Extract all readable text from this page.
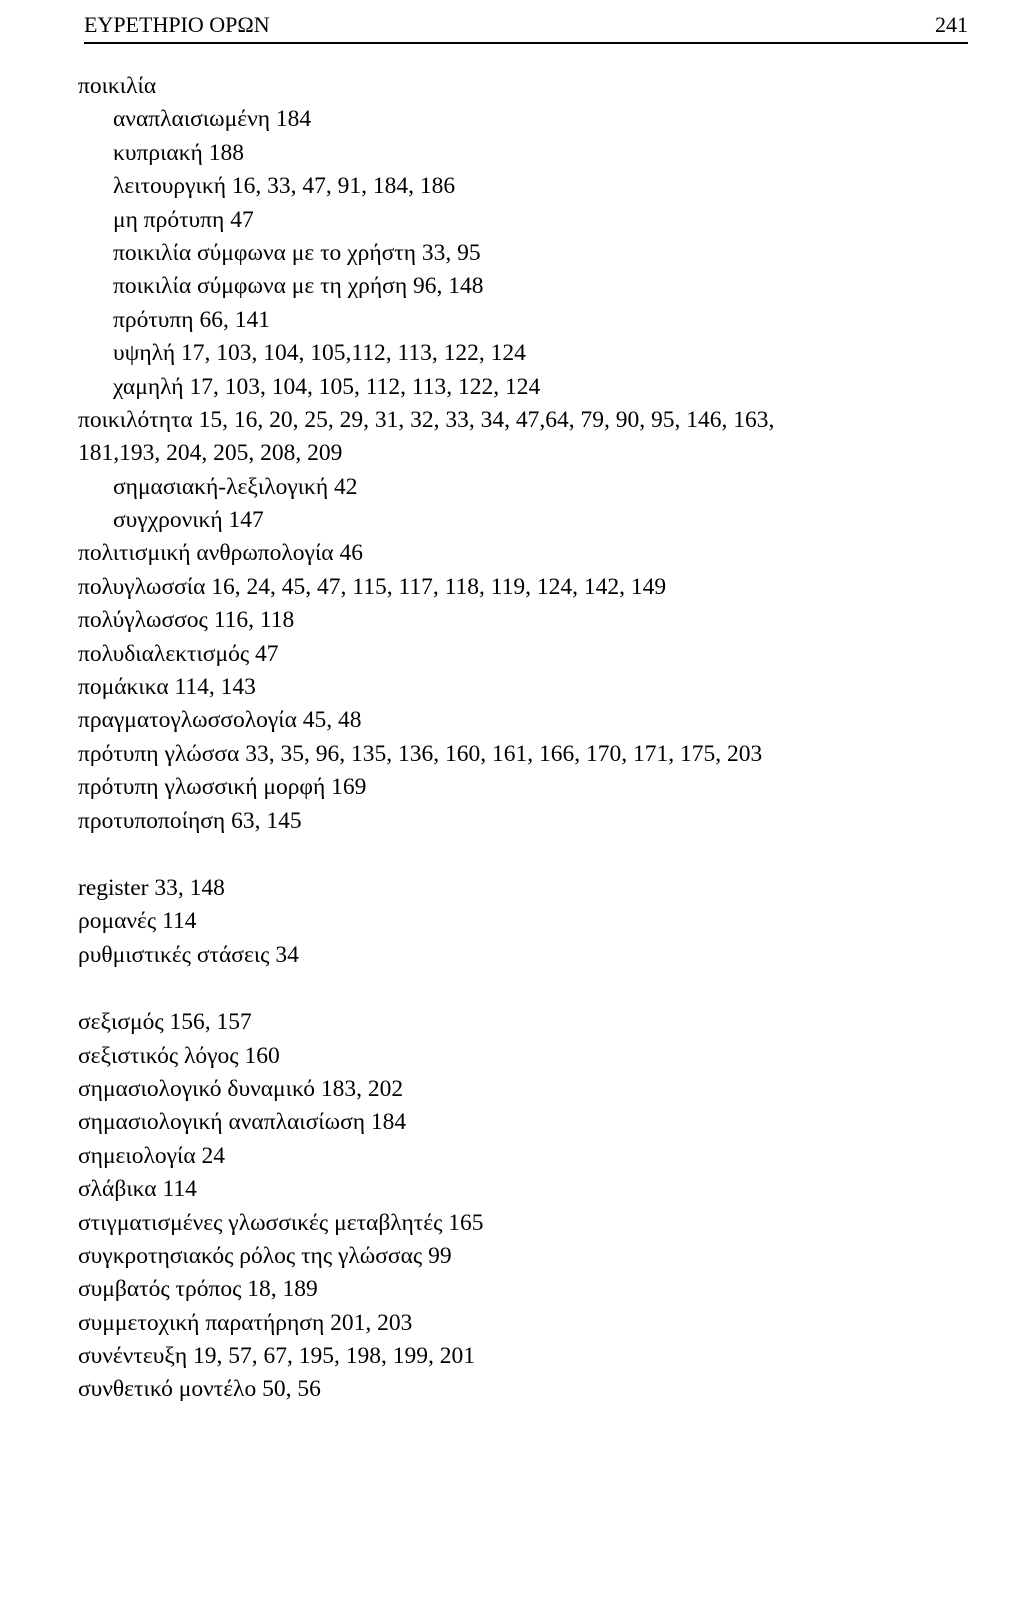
ΕΥΡΕΤΗΡΙΟ ΟΡΩΝ	241
ποικιλία
αναπλαισιωμένη 184
κυπριακή 188
λειτουργική 16, 33, 47, 91, 184, 186
μη πρότυπη 47
ποικιλία σύμφωνα με το χρήστη 33, 95
ποικιλία σύμφωνα με τη χρήση 96, 148
πρότυπη 66, 141
υψηλή 17, 103, 104, 105,112, 113, 122, 124
χαμηλή 17, 103, 104, 105, 112, 113, 122, 124
ποικιλότητα 15, 16, 20, 25, 29, 31, 32, 33, 34, 47,64, 79, 90, 95, 146, 163,
181,193, 204, 205, 208, 209
σημασιακή-λεξιλογική 42
συγχρονική 147
πολιτισμική ανθρωπολογία 46
πολυγλωσσία 16, 24, 45, 47, 115, 117, 118, 119, 124, 142, 149
πολύγλωσσος 116, 118
πολυδιαλεκτισμός 47
πομάκικα 114, 143
πραγματογλωσσολογία 45, 48
πρότυπη γλώσσα 33, 35, 96, 135, 136, 160, 161, 166, 170, 171, 175, 203
πρότυπη γλωσσική μορφή 169
προτυποποίηση 63, 145
register 33, 148
ρομανές 114
ρυθμιστικές στάσεις 34
σεξισμός 156, 157
σεξιστικός λόγος 160
σημασιολογικό δυναμικό 183, 202
σημασιολογική αναπλαισίωση 184
σημειολογία 24
σλάβικα 114
στιγματισμένες γλωσσικές μεταβλητές 165
συγκροτησιακός ρόλος της γλώσσας 99
συμβατός τρόπος 18, 189
συμμετοχική παρατήρηση 201, 203
συνέντευξη 19, 57, 67, 195, 198, 199, 201
συνθετικό μοντέλο 50, 56
